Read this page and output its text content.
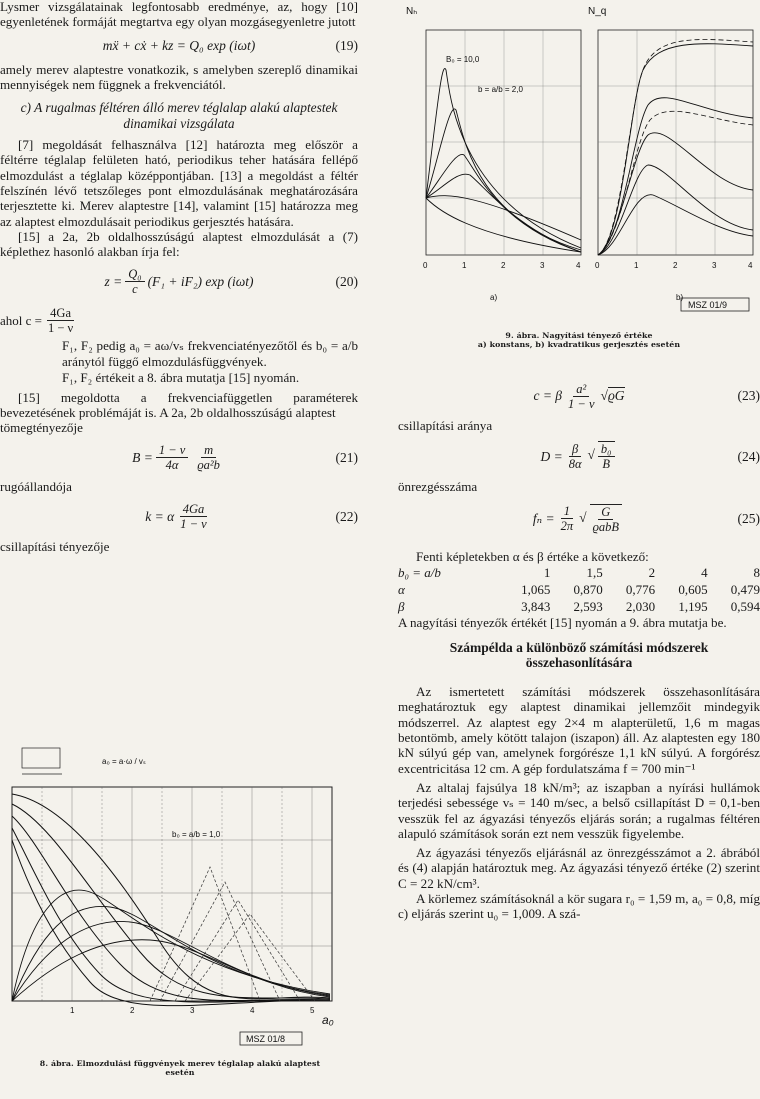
Lysmer vizsgálatainak legfontosabb eredménye, az, hogy [10] egyenletének formáját megtartva egy olyan mozgásegyenletre jutott

mẍ + cẋ + kz = Q₀ exp (iωt)	(19)

amely merev alaptestre vonatkozik, s amelyben szereplő dinamikai mennyiségek nem függnek a frekvenciától.

c) A rugalmas féltéren álló merev téglalap alakú alaptestek dinamikai vizsgálata

[7] megoldását felhasználva [12] határozta meg először a féltérre téglalap felületen ható, periodikus teher hatására fellépő elmozdulást a téglalap középpontjában. [13] a megoldást a féltér felszínén lévő tetszőleges pont elmozdulásának meghatározására terjesztette ki. Merev alaptestre [14], valamint [15] határozza meg az alaptest elmozdulásait periodikus gerjesztés hatására.

[15] a 2a, 2b oldalhosszúságú alaptest elmozdulását a (7) képlethez hasonló alakban írja fel:

$z = \frac{\text{Q₀}}{c} (F_1 + iF_2)$ exp (iωt)	(20)
ahol $c = \frac{4Ga}{1 - \nu}$

F₁, F₂ pedig a₀ = aω/vₛ frekvenciatényezőtől és b₀ = a/b aránytól függő elmozdulásfüggvények.

F₁, F₂ értékeit a 8. ábra mutatja [15] nyomán.

[15] megoldotta a frekvenciafüggetlen paraméterek bevezetésének problémáját is. A 2a, 2b oldalhosszúságú alaptest

tömegtényezője

$B = \frac{1 - \nu}{4\alpha} \frac{m}{\text{ϱa²b}}$	(21)

rugóállandója

k = α $\frac{4Ga}{1 - \nu}$	(22)

csillapítási tényezője

a₀ = a·ω / vₛ
b₀ = a/b = 1,0
a₀
1	2	3	4	5
MSZ 01/8
8. ábra. Elmozdulási függvények merev téglalap alakú alaptest
esetén
Nₕ	N_q
B₀ = 10,0
b = a/b = 2,0
0	1	2	3	4 0	1	2	3	4
a)	b)
MSZ 01/9
9. ábra. Nagyítási tényező értéke
a) konstans, b) kvadratikus gerjesztés esetén
c = β $\frac{\text{a²}}{1 - \nu} √ϱG$	(23)

csillapítási aránya

$D = \frac{\beta}{8\alpha}$ √ $\frac{\text{b₀}}{B}$	(24)

önrezgésszáma

$f_n = \frac{1}{2\pi}$ √ $\frac{G}{\text{ϱabB}}$	(25)

Fenti képletekben α és β értéke a következő:

b₀ = a/b	1	1,5	2	4	8
α	1,065	0,870	0,776	0,605	0,479
β	3,843	2,593	2,030	1,195	0,594

A nagyítási tényezők értékét [15] nyomán a 9. ábra mutatja be.

Számpélda a különböző számítási módszerek összehasonlítására

Az ismertetett számítási módszerek összehasonlítására meghatároztuk egy alaptest dinamikai jellemzőit mindegyik módszerrel. Az alaptest egy 2×4 m alapterületű, 1,6 m magas betontömb, amely kötött talajon (iszapon) áll. Az alaptesten egy 180 kN súlyú gép van, amelynek forgórésze 1,1 kN súlyú. A forgórész excentricitása 12 cm. A gép fordulatszáma f = 700 min⁻¹

Az altalaj fajsúlya 18 kN/m³; az iszapban a nyírási hullámok terjedési sebessége vₛ = 140 m/sec, a belső csillapítást D = 0,1-ben vesszük fel az ágyazási tényezős eljárás során; a rugalmas féltéren alapuló számítások során ezt nem vesszük figyelembe.

Az ágyazási tényezős eljárásnál az önrezgésszámot a 2. ábrából és (4) alapján határoztuk meg. Az ágyazási tényező értéke (2) szerint C = 22 kN/cm³.

A körlemez számításoknál a kör sugara r₀ = 1,59 m, a₀ = 0,8, míg c) eljárás szerint u₀ = 1,009. A szá-
